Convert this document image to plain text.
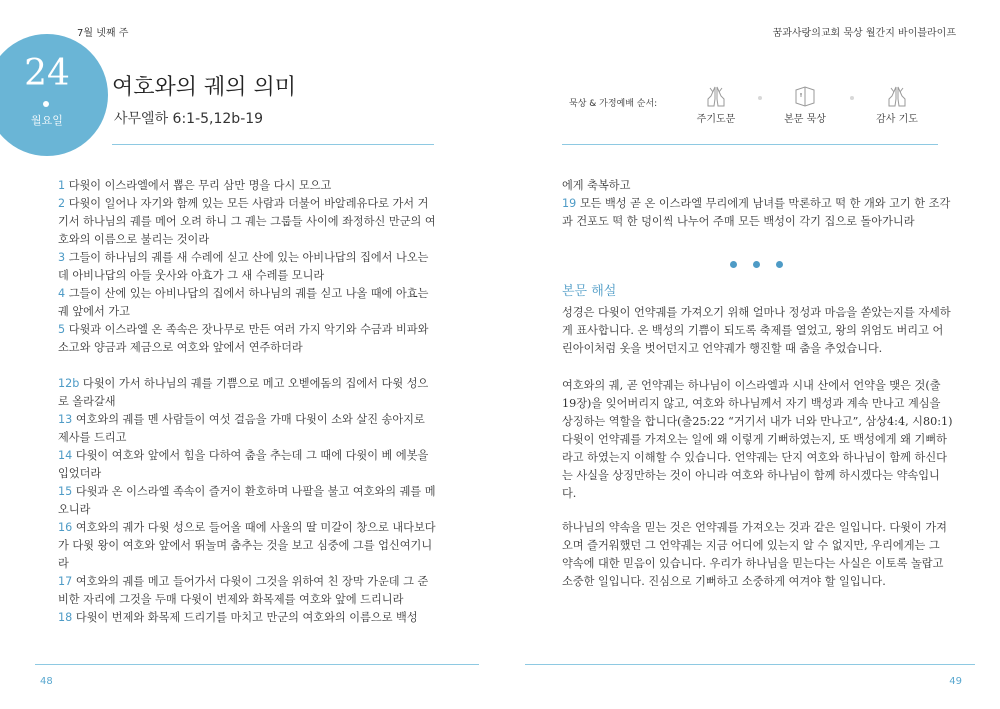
7월 넷째 주
24
월요일
여호와의 궤의 의미
사무엘하 6:1-5,12b-19

1 다윗이 이스라엘에서 뽑은 무리 삼만 명을 다시 모으고

2 다윗이 일어나 자기와 함께 있는 모든 사람과 더불어 바알레유다로 가서 거기서 하나님의 궤를 메어 오려 하니 그 궤는 그룹들 사이에 좌정하신 만군의 여호와의 이름으로 불리는 것이라

3 그들이 하나님의 궤를 새 수레에 싣고 산에 있는 아비나답의 집에서 나오는데 아비나답의 아들 웃사와 아효가 그 새 수레를 모니라

4 그들이 산에 있는 아비나답의 집에서 하나님의 궤를 싣고 나올 때에 아효는 궤 앞에서 가고

5 다윗과 이스라엘 온 족속은 잣나무로 만든 여러 가지 악기와 수금과 비파와 소고와 양금과 제금으로 여호와 앞에서 연주하더라

12b 다윗이 가서 하나님의 궤를 기쁨으로 메고 오벧에돔의 집에서 다윗 성으로 올라갈새

13 여호와의 궤를 멘 사람들이 여섯 걸음을 가매 다윗이 소와 살진 송아지로 제사를 드리고

14 다윗이 여호와 앞에서 힘을 다하여 춤을 추는데 그 때에 다윗이 베 에봇을 입었더라

15 다윗과 온 이스라엘 족속이 즐거이 환호하며 나팔을 불고 여호와의 궤를 메오니라

16 여호와의 궤가 다윗 성으로 들어올 때에 사울의 딸 미갈이 창으로 내다보다가 다윗 왕이 여호와 앞에서 뛰놀며 춤추는 것을 보고 심중에 그를 업신여기니라

17 여호와의 궤를 메고 들어가서 다윗이 그것을 위하여 친 장막 가운데 그 준비한 자리에 그것을 두매 다윗이 번제와 화목제를 여호와 앞에 드리니라

18 다윗이 번제와 화목제 드리기를 마치고 만군의 여호와의 이름으로 백성

48
꿈과사랑의교회 묵상 월간지 바이블라이프
묵상 & 가정예배 순서:
주기도문	본문 묵상	감사 기도

에게 축복하고

19 모든 백성 곧 온 이스라엘 무리에게 남녀를 막론하고 떡 한 개와 고기 한 조각과 건포도 떡 한 덩이씩 나누어 주매 모든 백성이 각기 집으로 돌아가니라

본문 해설
성경은 다윗이 언약궤를 가져오기 위해 얼마나 정성과 마음을 쏟았는지를 자세하게 표사합니다. 온 백성의 기쁨이 되도록 축제를 열었고, 왕의 위엄도 버리고 어린아이처럼 옷을 벗어던지고 언약궤가 행진할 때 춤을 추었습니다.
여호와의 궤, 곧 언약궤는 하나님이 이스라엘과 시내 산에서 언약을 맺은 것(출19장)을 잊어버리지 않고, 여호와 하나님께서 자기 백성과 계속 만나고 계심을 상징하는 역할을 합니다(출25:22 “거기서 내가 너와 만나고”, 삼상4:4, 시80:1) 다윗이 언약궤를 가져오는 일에 왜 이렇게 기뻐하였는지, 또 백성에게 왜 기뻐하라고 하였는지 이해할 수 있습니다. 언약궤는 단지 여호와 하나님이 함께 하신다는 사실을 상징만하는 것이 아니라 여호와 하나님이 함께 하시겠다는 약속입니다.
하나님의 약속을 믿는 것은 언약궤를 가져오는 것과 같은 일입니다. 다윗이 가져오며 즐거워했던 그 언약궤는 지금 어디에 있는지 알 수 없지만, 우리에게는 그 약속에 대한 믿음이 있습니다. 우리가 하나님을 믿는다는 사실은 이토록 놀랍고 소중한 일입니다. 진심으로 기뻐하고 소중하게 여겨야 할 일입니다.
49
